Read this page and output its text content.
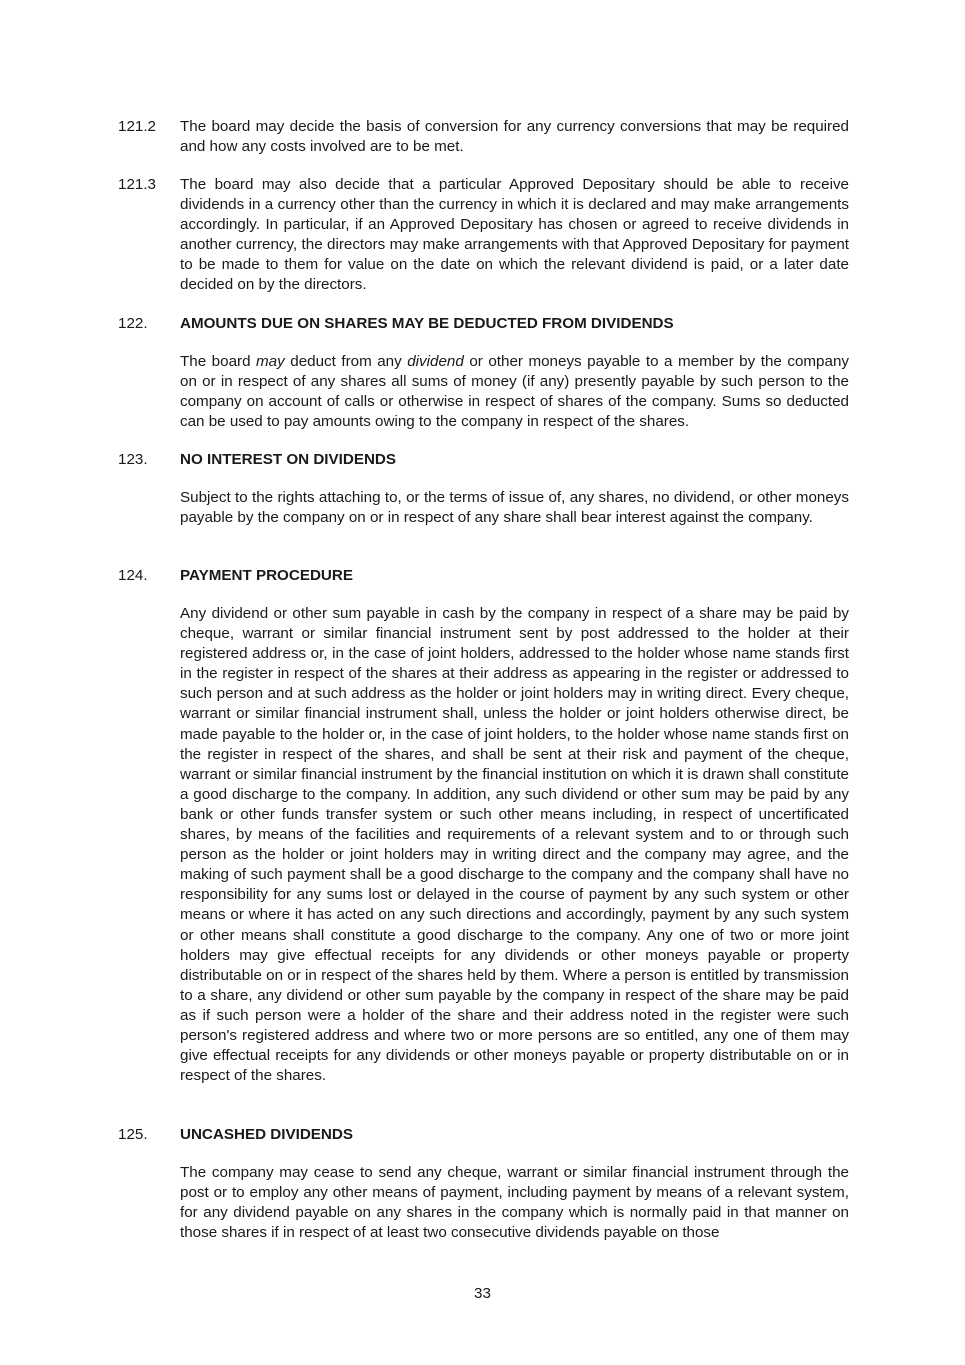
121.2	The board may decide the basis of conversion for any currency conversions that may be required and how any costs involved are to be met.
121.3	The board may also decide that a particular Approved Depositary should be able to receive dividends in a currency other than the currency in which it is declared and may make arrangements accordingly. In particular, if an Approved Depositary has chosen or agreed to receive dividends in another currency, the directors may make arrangements with that Approved Depositary for payment to be made to them for value on the date on which the relevant dividend is paid, or a later date decided on by the directors.
122.	AMOUNTS DUE ON SHARES MAY BE DEDUCTED FROM DIVIDENDS
The board may deduct from any dividend or other moneys payable to a member by the company on or in respect of any shares all sums of money (if any) presently payable by such person to the company on account of calls or otherwise in respect of shares of the company. Sums so deducted can be used to pay amounts owing to the company in respect of the shares.
123.	NO INTEREST ON DIVIDENDS
Subject to the rights attaching to, or the terms of issue of, any shares, no dividend, or other moneys payable by the company on or in respect of any share shall bear interest against the company.
124.	PAYMENT PROCEDURE
Any dividend or other sum payable in cash by the company in respect of a share may be paid by cheque, warrant or similar financial instrument sent by post addressed to the holder at their registered address or, in the case of joint holders, addressed to the holder whose name stands first in the register in respect of the shares at their address as appearing in the register or addressed to such person and at such address as the holder or joint holders may in writing direct. Every cheque, warrant or similar financial instrument shall, unless the holder or joint holders otherwise direct, be made payable to the holder or, in the case of joint holders, to the holder whose name stands first on the register in respect of the shares, and shall be sent at their risk and payment of the cheque, warrant or similar financial instrument by the financial institution on which it is drawn shall constitute a good discharge to the company. In addition, any such dividend or other sum may be paid by any bank or other funds transfer system or such other means including, in respect of uncertificated shares, by means of the facilities and requirements of a relevant system and to or through such person as the holder or joint holders may in writing direct and the company may agree, and the making of such payment shall be a good discharge to the company and the company shall have no responsibility for any sums lost or delayed in the course of payment by any such system or other means or where it has acted on any such directions and accordingly, payment by any such system or other means shall constitute a good discharge to the company. Any one of two or more joint holders may give effectual receipts for any dividends or other moneys payable or property distributable on or in respect of the shares held by them. Where a person is entitled by transmission to a share, any dividend or other sum payable by the company in respect of the share may be paid as if such person were a holder of the share and their address noted in the register were such person's registered address and where two or more persons are so entitled, any one of them may give effectual receipts for any dividends or other moneys payable or property distributable on or in respect of the shares.
125.	UNCASHED DIVIDENDS
The company may cease to send any cheque, warrant or similar financial instrument through the post or to employ any other means of payment, including payment by means of a relevant system, for any dividend payable on any shares in the company which is normally paid in that manner on those shares if in respect of at least two consecutive dividends payable on those
33
